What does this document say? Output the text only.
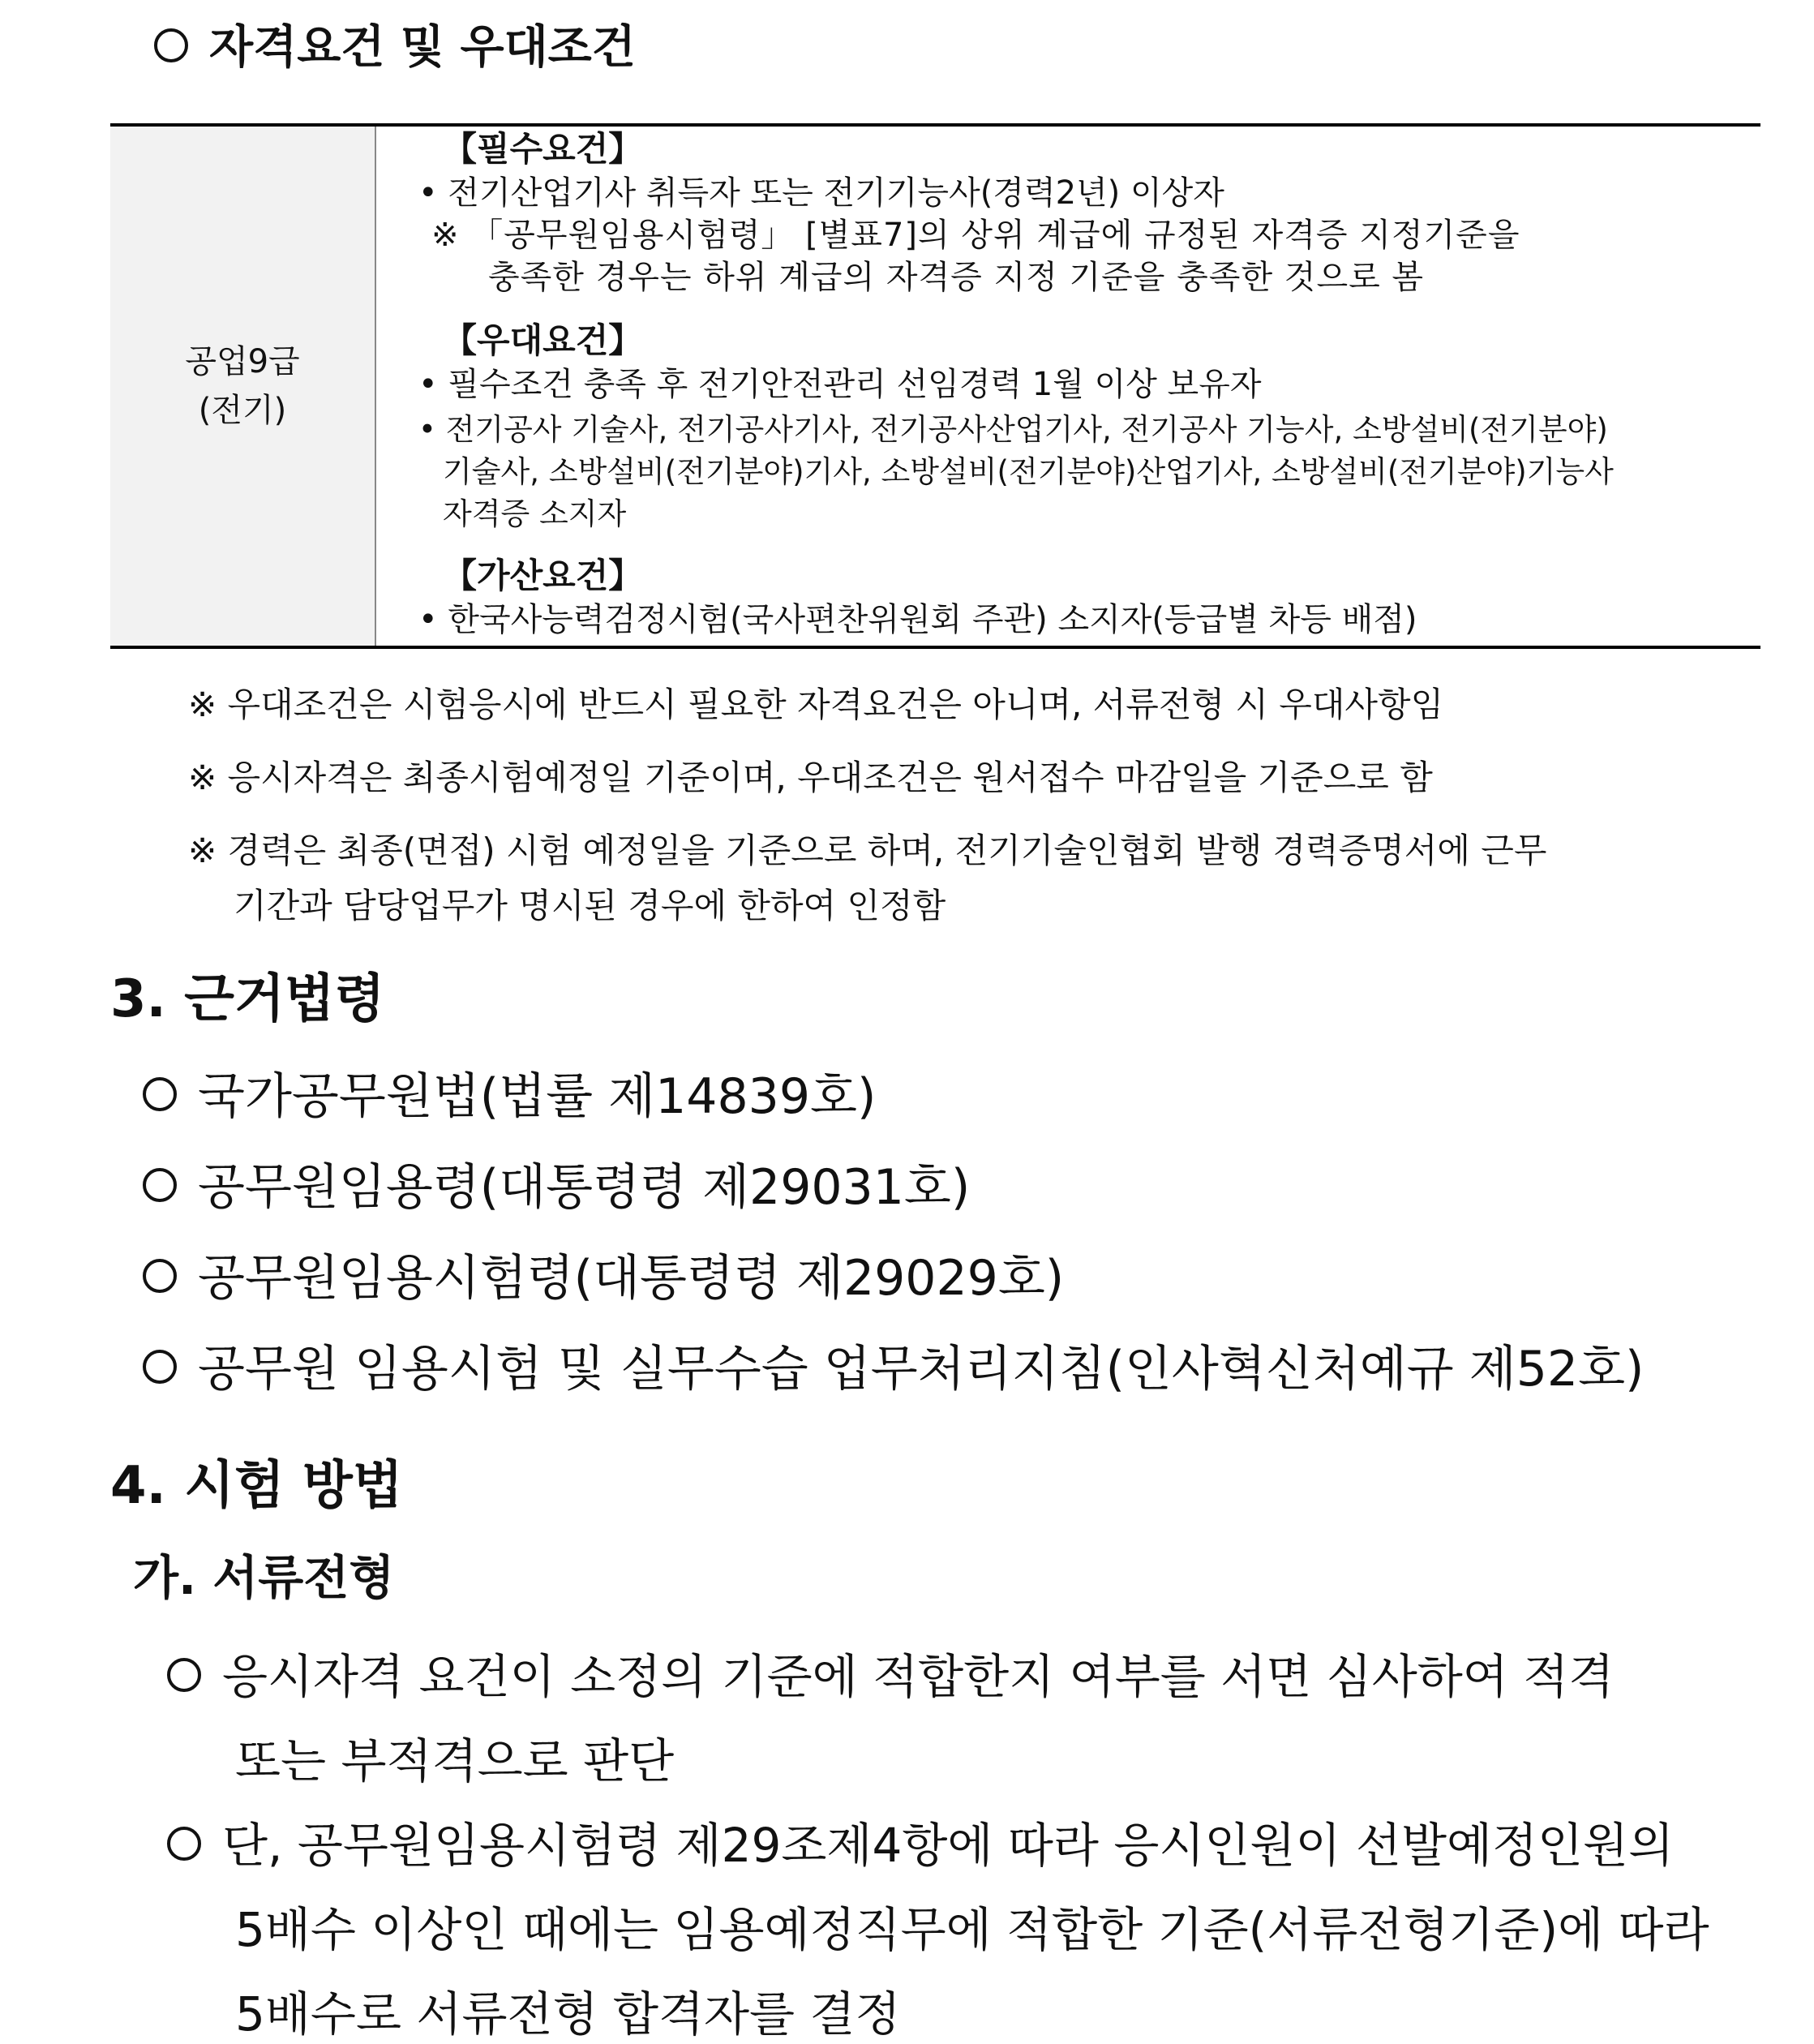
자격요건 및 우대조건
공업9급
(전기)
【필수요건】
• 전기산업기사 취득자 또는 전기기능사(경력2년) 이상자
※ 「공무원임용시험령」 [별표7]의 상위 계급에 규정된 자격증 지정기준을
충족한 경우는 하위 계급의 자격증 지정 기준을 충족한 것으로 봄
【우대요건】
• 필수조건 충족 후 전기안전관리 선임경력 1월 이상 보유자
• 전기공사 기술사, 전기공사기사, 전기공사산업기사, 전기공사 기능사, 소방설비(전기분야)
기술사, 소방설비(전기분야)기사, 소방설비(전기분야)산업기사, 소방설비(전기분야)기능사
자격증 소지자
【가산요건】
• 한국사능력검정시험(국사편찬위원회 주관) 소지자(등급별 차등 배점)
※ 우대조건은 시험응시에 반드시 필요한 자격요건은 아니며, 서류전형 시 우대사항임
※ 응시자격은 최종시험예정일 기준이며, 우대조건은 원서접수 마감일을 기준으로 함
※ 경력은 최종(면접) 시험 예정일을 기준으로 하며, 전기기술인협회 발행 경력증명서에 근무
기간과 담당업무가 명시된 경우에 한하여 인정함
3. 근거법령
국가공무원법(법률 제14839호)
공무원임용령(대통령령 제29031호)
공무원임용시험령(대통령령 제29029호)
공무원 임용시험 및 실무수습 업무처리지침(인사혁신처예규 제52호)
4. 시험 방법
가. 서류전형
응시자격 요건이 소정의 기준에 적합한지 여부를 서면 심사하여 적격
또는 부적격으로 판단
단, 공무원임용시험령 제29조제4항에 따라 응시인원이 선발예정인원의
5배수 이상인 때에는 임용예정직무에 적합한 기준(서류전형기준)에 따라
5배수로 서류전형 합격자를 결정
